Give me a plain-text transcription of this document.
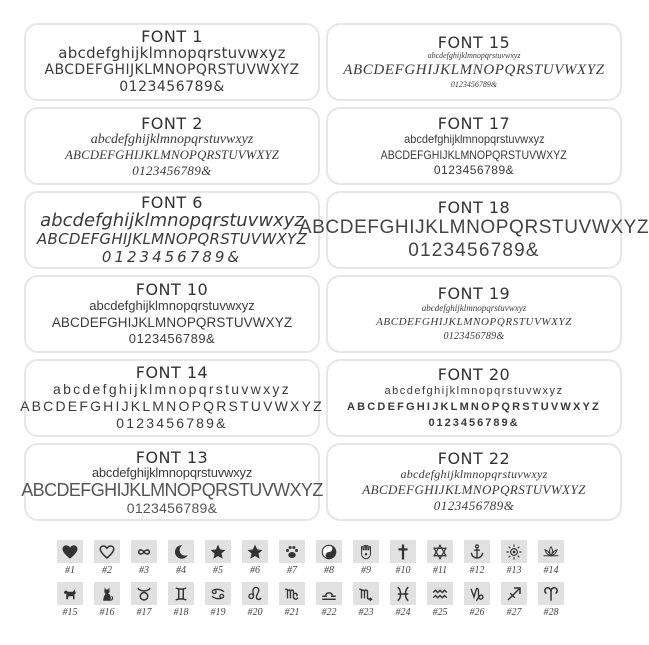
FONT 1
abcdefghijklmnopqrstuvwxyz
ABCDEFGHIJKLMNOPQRSTUVWXYZ
0123456789&
FONT 2
abcdefghijklmnopqrstuvwxyz
ABCDEFGHIJKLMNOPQRSTUVWXYZ
0123456789&
FONT 6
abcdefghijklmnopqrstuvwxyz
ABCDEFGHIJKLMNOPQRSTUVWXYZ
0123456789&
FONT 10
abcdefghijklmnopqrstuvwxyz
ABCDEFGHIJKLMNOPQRSTUVWXYZ
0123456789&
FONT 14
abcdefghijklmnopqrstuvwxyz
ABCDEFGHIJKLMNOPQRSTUVWXYZ
0123456789&
FONT 13
abcdefghijklmnopqrstuvwxyz
ABCDEFGHIJKLMNOPQRSTUVWXYZ
0123456789&
FONT 15
abcdefghijklmnopqrstuvwxyz
ABCDEFGHIJKLMNOPQRSTUVWXYZ
0123456789&
FONT 17
abcdefghijklmnopqrstuvwxyz
ABCDEFGHIJKLMNOPQRSTUVWXYZ
0123456789&
FONT 18
ABCDEFGHIJKLMNOPQRSTUVWXYZ
0123456789&
FONT 19
abcdefghijklmnopqrstuvwxyz
ABCDEFGHIJKLMNOPQRSTUVWXYZ
0123456789&
FONT 20
abcdefghijklmnopqrstuvwxyz
ABCDEFGHIJKLMNOPQRSTUVWXYZ
0123456789&
FONT 22
abcdefghijklmnopqrstuvwxyz
ABCDEFGHIJKLMNOPQRSTUVWXYZ
0123456789&
#1	#2	#3	#4	#5	#6	#7	#8	#9	#10	#11	#12	#13	#14
#15	#16	#17	#18	#19	#20	#21	#22	#23	#24	#25	#26	#27	#28
